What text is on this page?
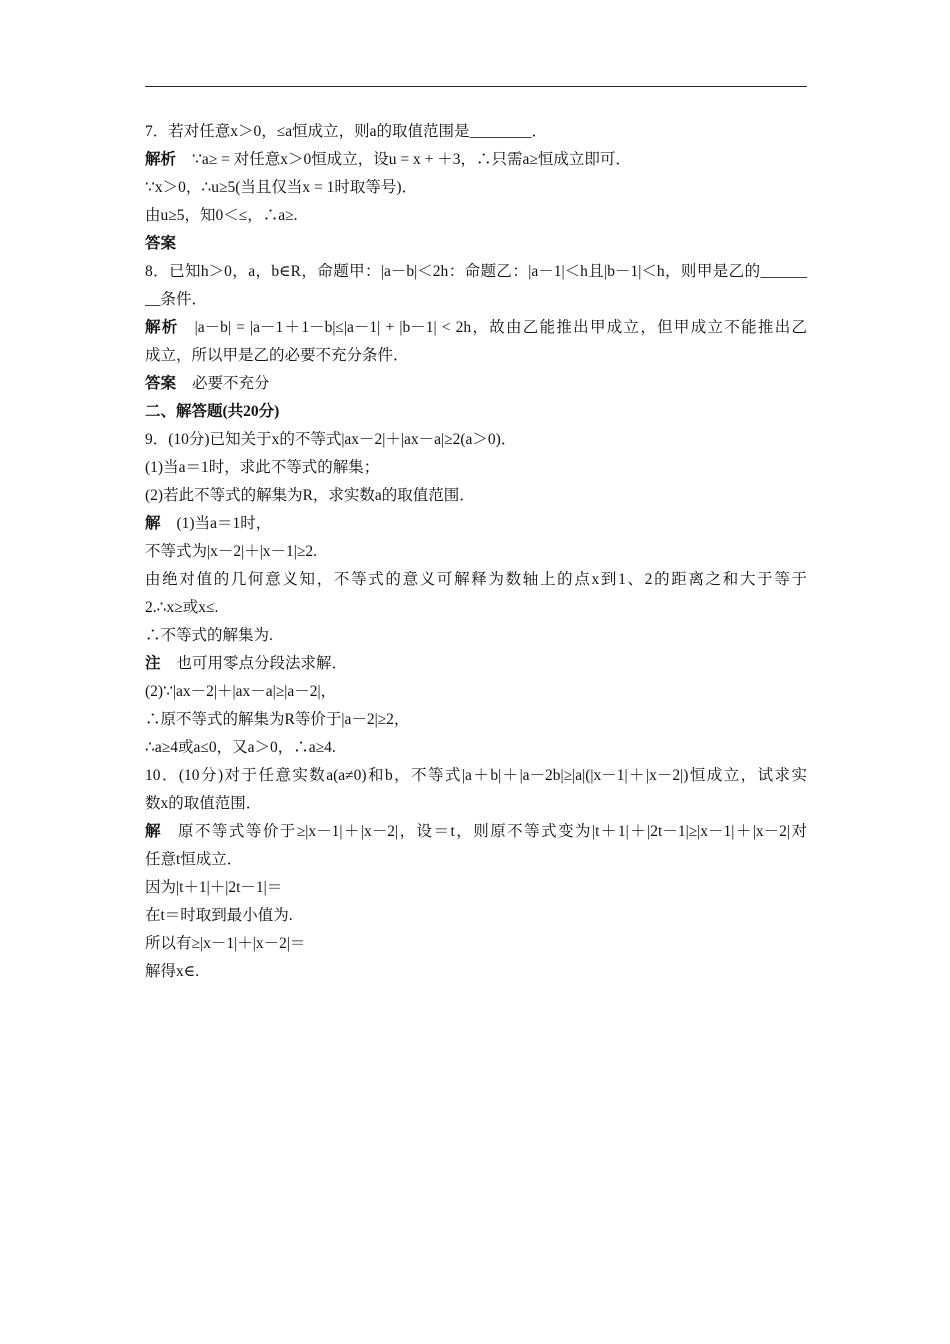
7．若对任意x＞0，≤a恒成立，则a的取值范围是________．
解析 ∵a≥ = 对任意x＞0恒成立，设u = x + ＋3，∴只需a≥恒成立即可．
∵x＞0，∴u≥5(当且仅当x = 1时取等号)．
由u≥5，知0＜≤，∴a≥.
答案
8．已知h＞0，a，b∈R，命题甲：|a－b|＜2h：命题乙：|a－1|＜h且|b－1|＜h，则甲是乙的______
__条件．
解析 |a－b| = |a－1＋1－b|≤|a－1| + |b－1| < 2h，故由乙能推出甲成立，但甲成立不能推出乙
成立，所以甲是乙的必要不充分条件．
答案 必要不充分
二、解答题(共20分)
9．(10分)已知关于x的不等式|ax－2|＋|ax－a|≥2(a＞0)．
(1)当a＝1时，求此不等式的解集；
(2)若此不等式的解集为R，求实数a的取值范围．
解 (1)当a＝1时，
不等式为|x－2|＋|x－1|≥2.
由绝对值的几何意义知，不等式的意义可解释为数轴上的点x到1、2的距离之和大于等于
2.∴x≥或x≤.
∴不等式的解集为.
注 也可用零点分段法求解．
(2)∵|ax－2|＋|ax－a|≥|a－2|，
∴原不等式的解集为R等价于|a－2|≥2，
∴a≥4或a≤0，又a＞0，∴a≥4.
10．(10分)对于任意实数a(a≠0)和b，不等式|a＋b|＋|a－2b|≥|a|(|x－1|＋|x－2|)恒成立，试求实
数x的取值范围．
解 原不等式等价于≥|x－1|＋|x－2|，设＝t，则原不等式变为|t＋1|＋|2t－1|≥|x－1|＋|x－2|对
任意t恒成立．
因为|t＋1|＋|2t－1|＝
在t＝时取到最小值为.
所以有≥|x－1|＋|x－2|＝
解得x∈.
